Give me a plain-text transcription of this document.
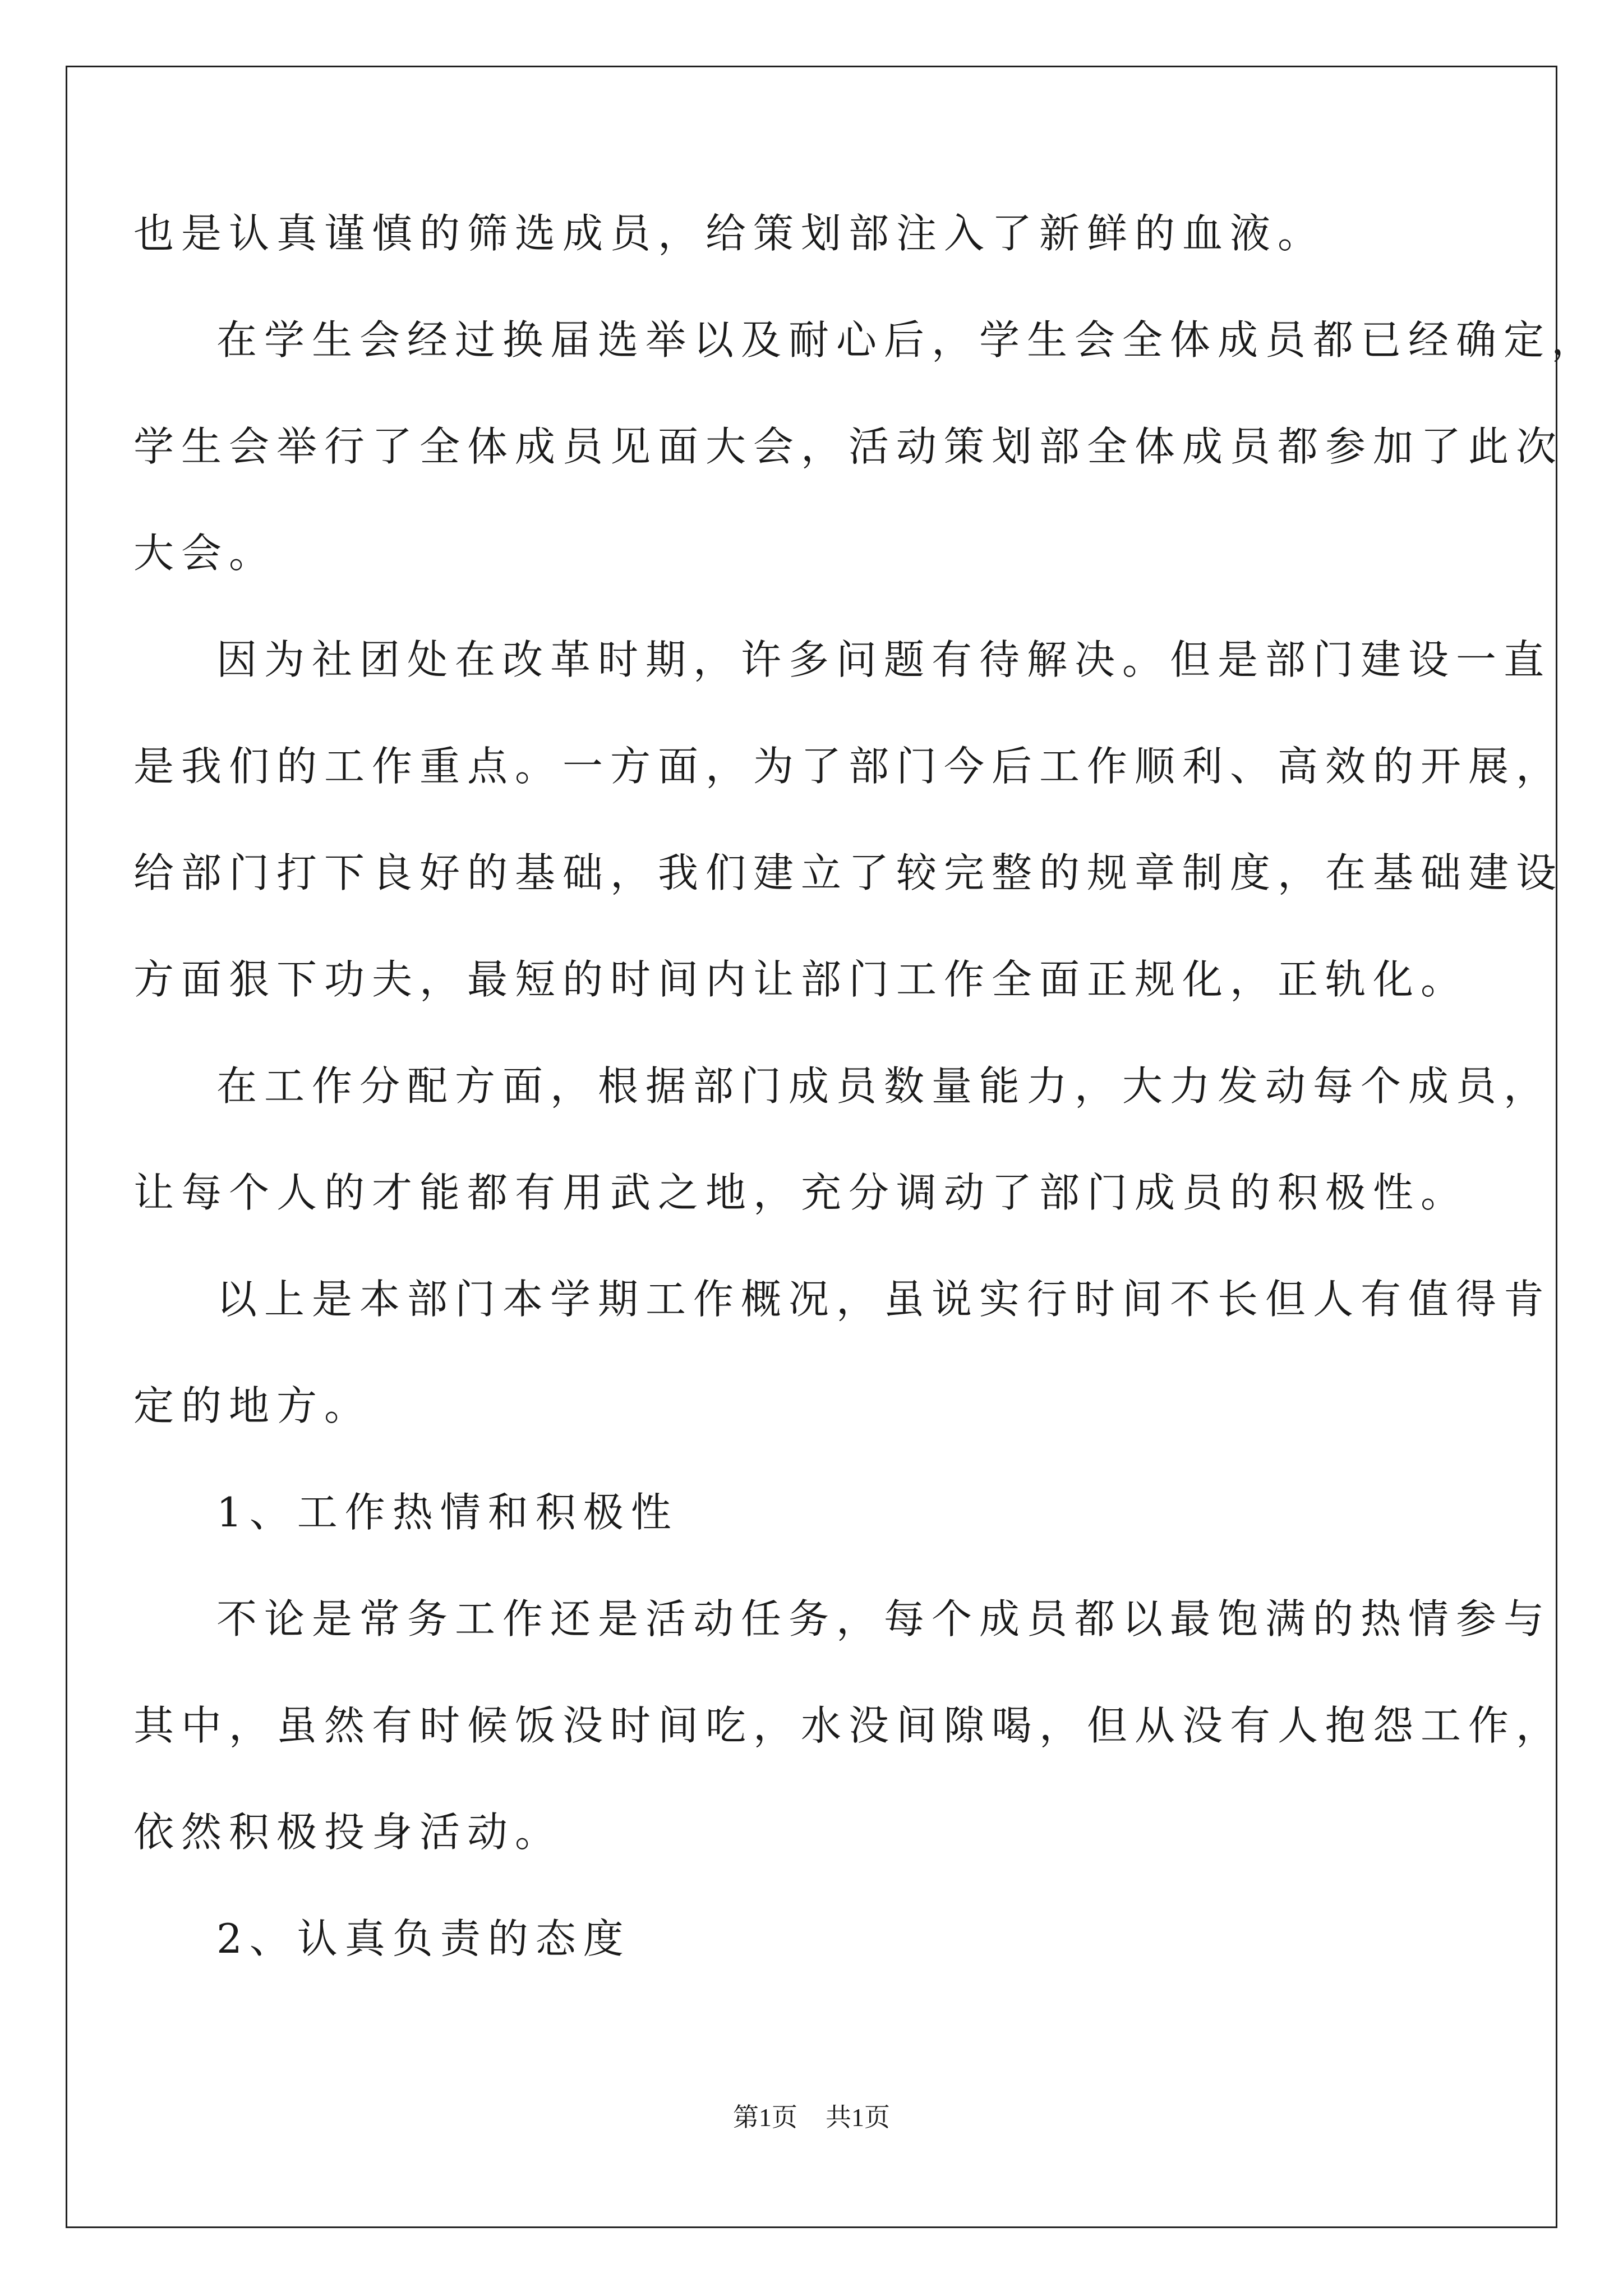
也是认真谨慎的筛选成员，给策划部注入了新鲜的血液。
在学生会经过换届选举以及耐心后，学生会全体成员都已经确定，
学生会举行了全体成员见面大会，活动策划部全体成员都参加了此次
大会。
因为社团处在改革时期，许多问题有待解决。但是部门建设一直
是我们的工作重点。一方面，为了部门今后工作顺利、高效的开展，
给部门打下良好的基础，我们建立了较完整的规章制度，在基础建设
方面狠下功夫，最短的时间内让部门工作全面正规化，正轨化。
在工作分配方面，根据部门成员数量能力，大力发动每个成员，
让每个人的才能都有用武之地，充分调动了部门成员的积极性。
以上是本部门本学期工作概况，虽说实行时间不长但人有值得肯
定的地方。
1、工作热情和积极性
不论是常务工作还是活动任务，每个成员都以最饱满的热情参与
其中，虽然有时候饭没时间吃，水没间隙喝，但从没有人抱怨工作，
依然积极投身活动。
2、认真负责的态度
第1页 共1页
